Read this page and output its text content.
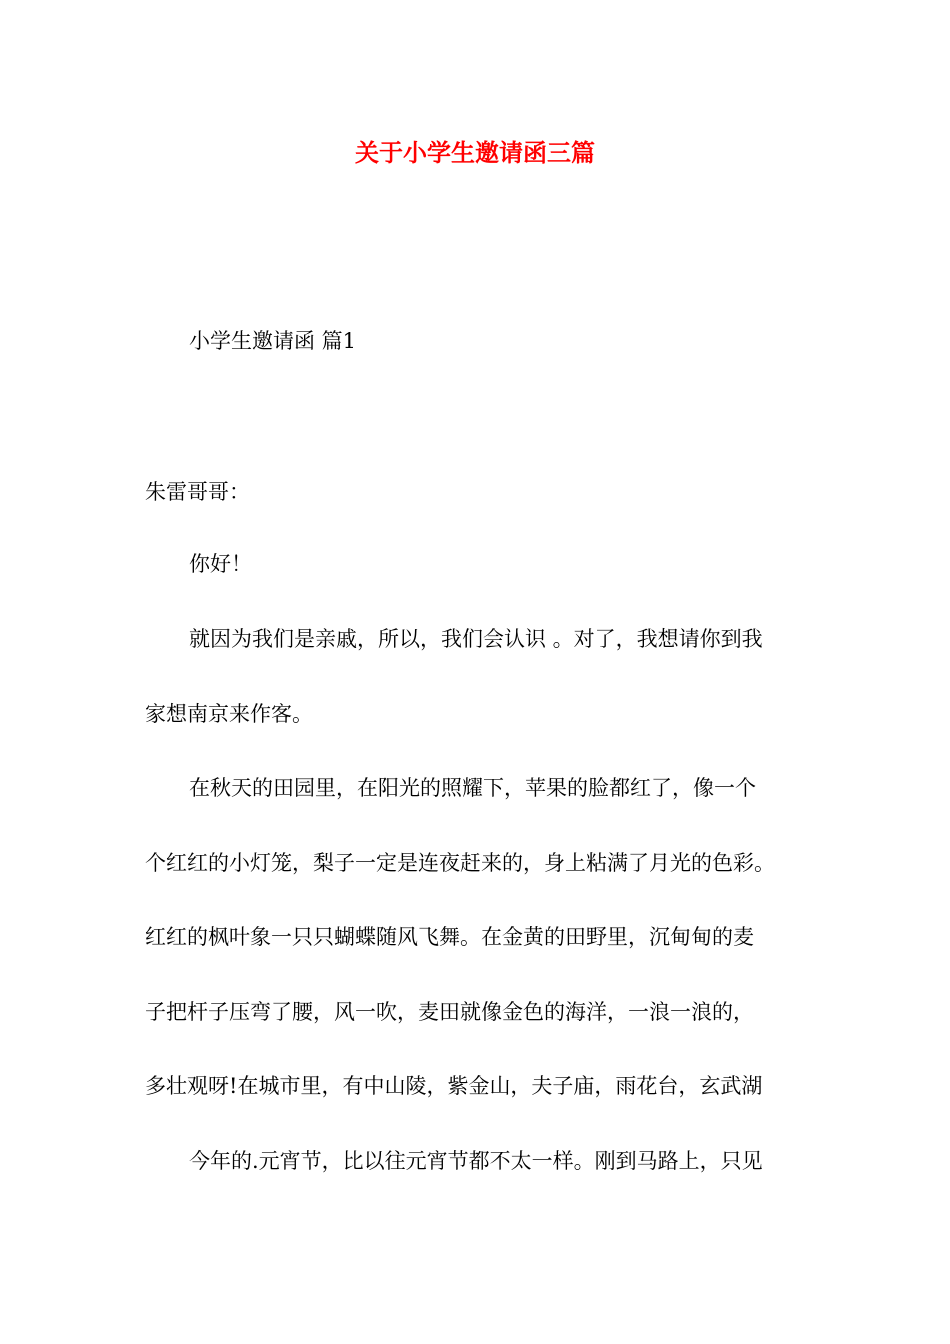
关于小学生邀请函三篇

小学生邀请函 篇1

朱雷哥哥：

你好！

就因为我们是亲戚，所以，我们会认识 。对了，我想请你到我

家想南京来作客。

在秋天的田园里，在阳光的照耀下，苹果的脸都红了，像一个

个红红的小灯笼，梨子一定是连夜赶来的，身上粘满了月光的色彩。

红红的枫叶象一只只蝴蝶随风飞舞。在金黄的田野里，沉甸甸的麦

子把杆子压弯了腰，风一吹，麦田就像金色的海洋，一浪一浪的，

多壮观呀!在城市里，有中山陵，紫金山，夫子庙，雨花台，玄武湖

今年的.元宵节，比以往元宵节都不太一样。刚到马路上，只见
